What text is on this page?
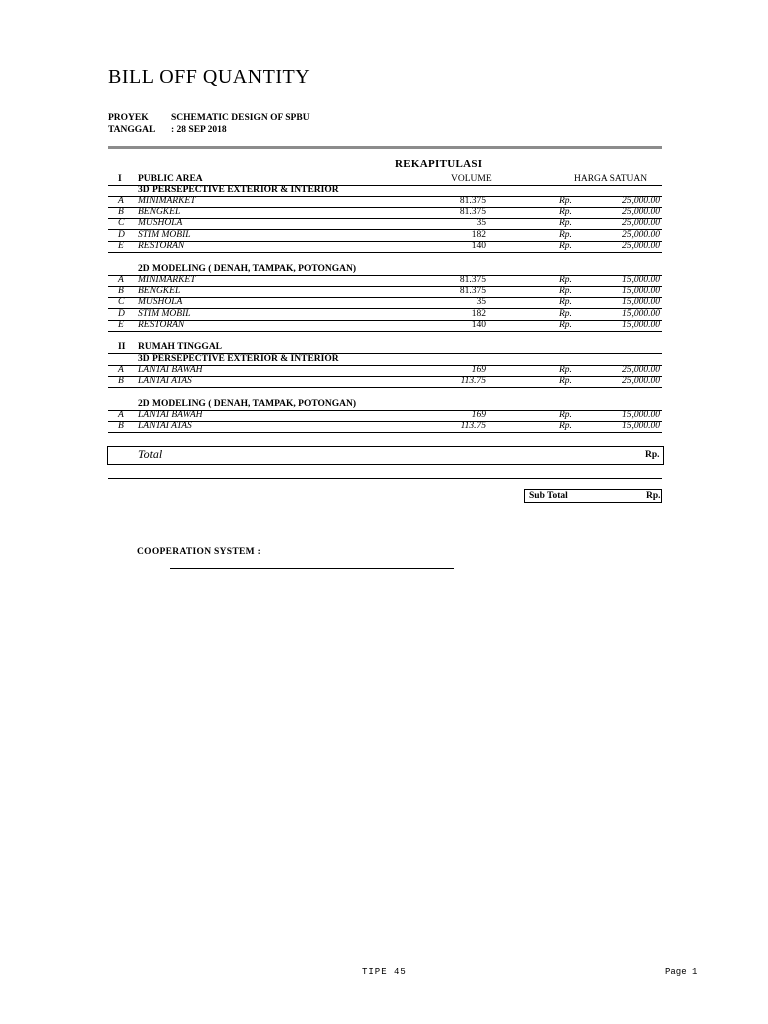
BILL OFF QUANTITY
PROYEK SCHEMATIC DESIGN OF SPBU
TANGGAL : 28 SEP 2018
REKAPITULASI
I PUBLIC AREA	VOLUME	HARGA SATUAN
3D PERSEPECTIVE EXTERIOR & INTERIOR
A MINIMARKET	81.375	Rp.	25,000.00
B BENGKEL	81.375	Rp.	25,000.00
C MUSHOLA	35	Rp.	25,000.00
D STIM MOBIL	182	Rp.	25,000.00
E RESTORAN	140	Rp.	25,000.00
2D MODELING ( DENAH, TAMPAK, POTONGAN)
A MINIMARKET	81.375	Rp.	15,000.00
B BENGKEL	81.375	Rp.	15,000.00
C MUSHOLA	35	Rp.	15,000.00
D STIM MOBIL	182	Rp.	15,000.00
E RESTORAN	140	Rp.	15,000.00
II RUMAH TINGGAL
3D PERSEPECTIVE EXTERIOR & INTERIOR
A LANTAI BAWAH	169	Rp.	25,000.00
B LANTAI ATAS	113.75	Rp.	25,000.00
2D MODELING ( DENAH, TAMPAK, POTONGAN)
A LANTAI BAWAH	169	Rp.	15,000.00
B LANTAI ATAS	113.75	Rp.	15,000.00
Total	Rp.
Sub Total	Rp.
COOPERATION SYSTEM :
TIPE 45	Page 1
